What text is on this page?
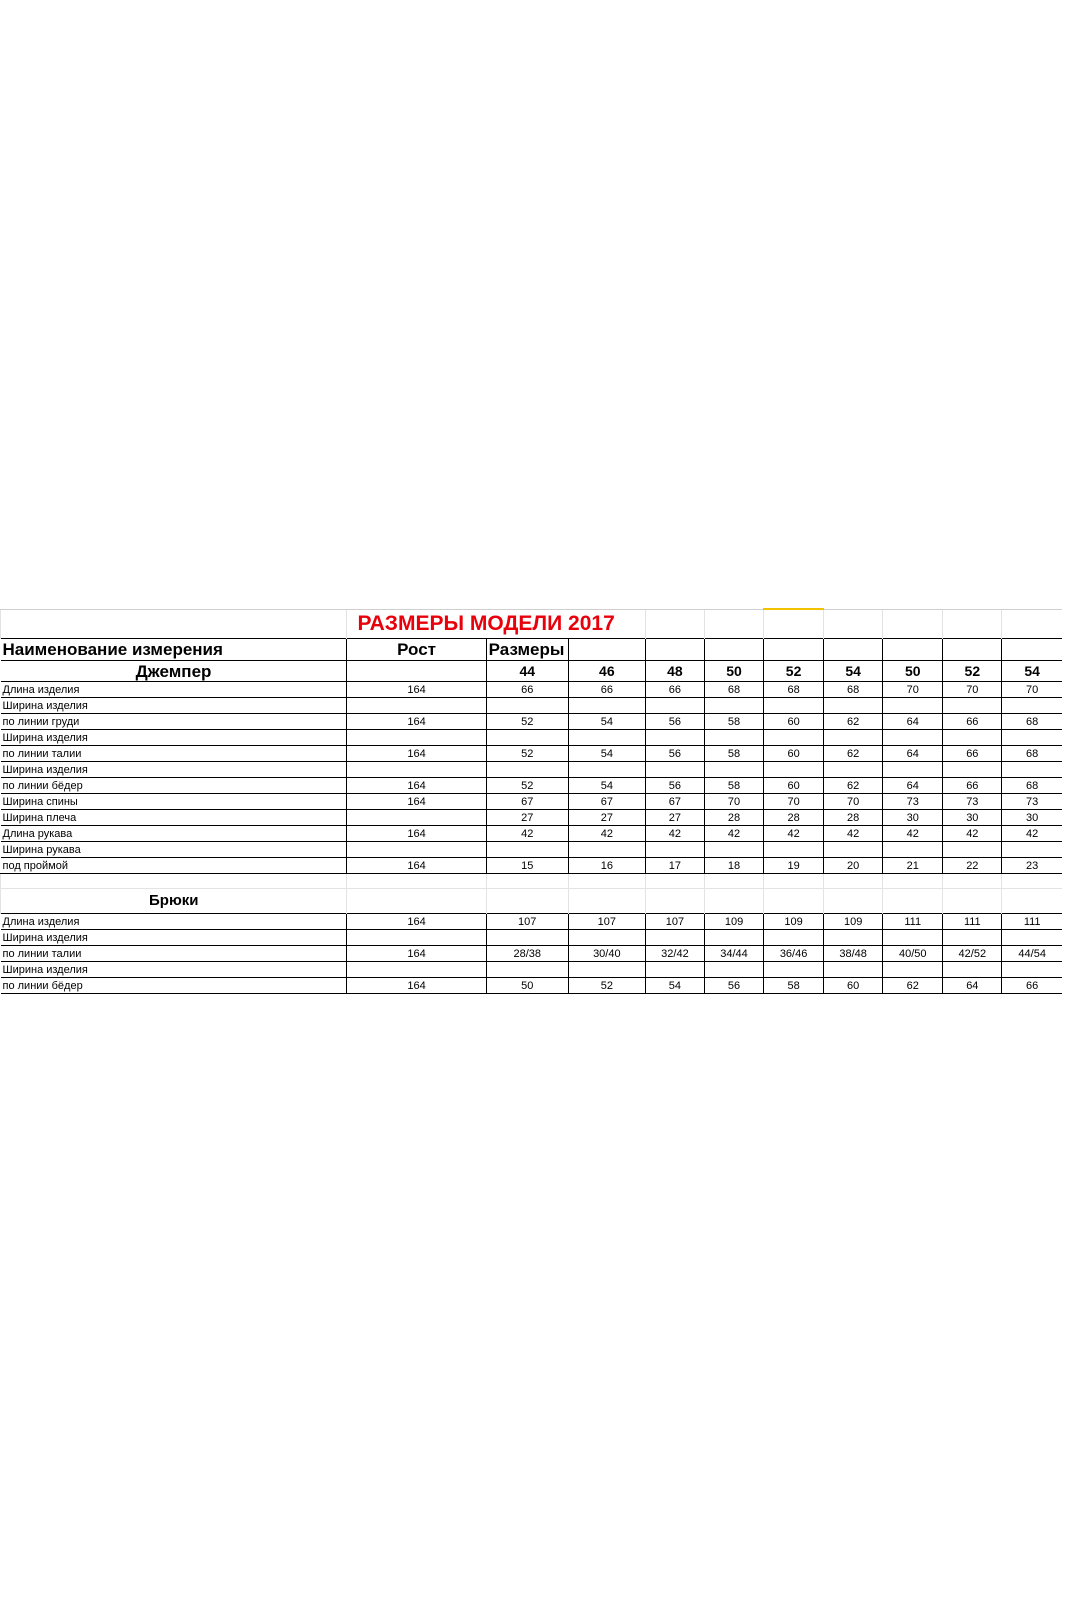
	РАЗМЕРЫ МОДЕЛИ 2017									
Наименование измерения	Рост	Размеры								
Джемпер		44	46	48	50	52	54	50	52	54
Длина изделия	164	66	66	66	68	68	68	70	70	70
Ширина изделия										
по линии груди	164	52	54	56	58	60	62	64	66	68
Ширина изделия										
по линии талии	164	52	54	56	58	60	62	64	66	68
Ширина изделия										
по линии бёдер	164	52	54	56	58	60	62	64	66	68
Ширина спины	164	67	67	67	70	70	70	73	73	73
Ширина плеча		27	27	27	28	28	28	30	30	30
Длина рукава	164	42	42	42	42	42	42	42	42	42
Ширина рукава										
под проймой	164	15	16	17	18	19	20	21	22	23

Брюки										
Длина изделия	164	107	107	107	109	109	109	111	111	111
Ширина изделия										
по линии талии	164	28/38	30/40	32/42	34/44	36/46	38/48	40/50	42/52	44/54
Ширина изделия										
по линии бёдер	164	50	52	54	56	58	60	62	64	66
